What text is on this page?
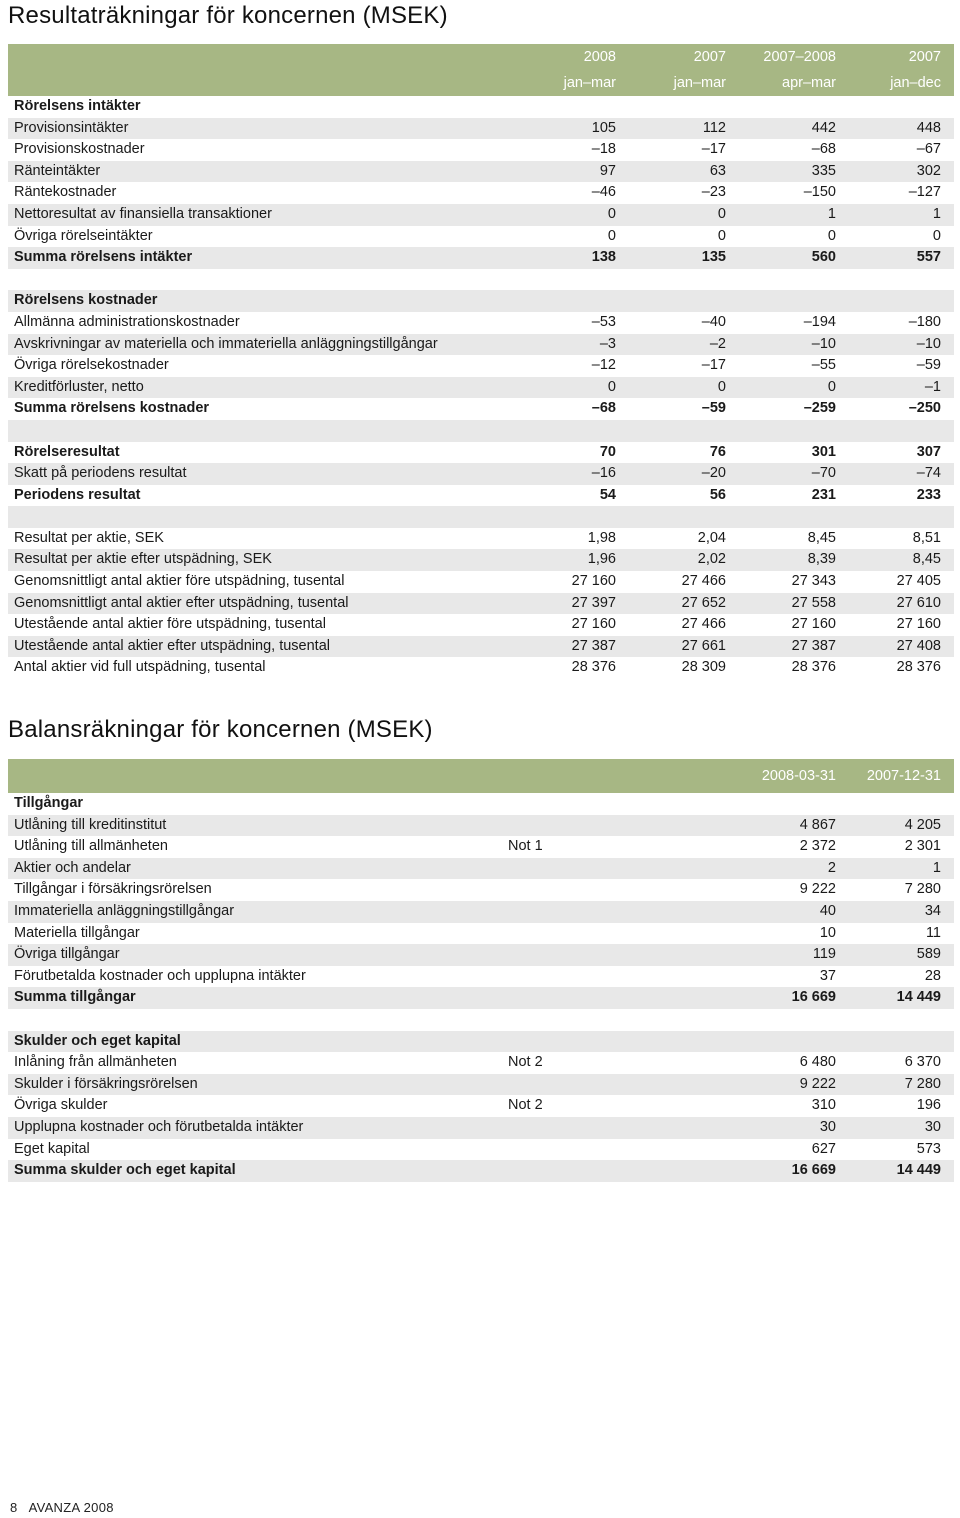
Resultaträkningar för koncernen (MSEK)
	2008	2007	2007–2008	2007
	jan–mar	jan–mar	apr–mar	jan–dec
Rörelsens intäkter				
Provisionsintäkter	105	112	442	448
Provisionskostnader	–18	–17	–68	–67
Ränteintäkter	97	63	335	302
Räntekostnader	–46	–23	–150	–127
Nettoresultat av finansiella transaktioner	0	0	1	1
Övriga rörelseintäkter	0	0	0	0
Summa rörelsens intäkter	138	135	560	557

Rörelsens kostnader				
Allmänna administrationskostnader	–53	–40	–194	–180
Avskrivningar av materiella och immateriella anläggningstillgångar	–3	–2	–10	–10
Övriga rörelsekostnader	–12	–17	–55	–59
Kreditförluster, netto	0	0	0	–1
Summa rörelsens kostnader	–68	–59	–259	–250

Rörelseresultat	70	76	301	307
Skatt på periodens resultat	–16	–20	–70	–74
Periodens resultat	54	56	231	233

Resultat per aktie, SEK	1,98	2,04	8,45	8,51
Resultat per aktie efter utspädning, SEK	1,96	2,02	8,39	8,45
Genomsnittligt antal aktier före utspädning, tusental	27 160	27 466	27 343	27 405
Genomsnittligt antal aktier efter utspädning, tusental	27 397	27 652	27 558	27 610
Utestående antal aktier före utspädning, tusental	27 160	27 466	27 160	27 160
Utestående antal aktier efter utspädning, tusental	27 387	27 661	27 387	27 408
Antal aktier vid full utspädning, tusental	28 376	28 309	28 376	28 376
Balansräkningar för koncernen (MSEK)
		2008-03-31	2007-12-31
Tillgångar			
Utlåning till kreditinstitut		4 867	4 205
Utlåning till allmänheten	Not 1	2 372	2 301
Aktier och andelar		2	1
Tillgångar i försäkringsrörelsen		9 222	7 280
Immateriella anläggningstillgångar		40	34
Materiella tillgångar		10	11
Övriga tillgångar		119	589
Förutbetalda kostnader och upplupna intäkter		37	28
Summa tillgångar		16 669	14 449

Skulder och eget kapital			
Inlåning från allmänheten	Not 2	6 480	6 370
Skulder i försäkringsrörelsen		9 222	7 280
Övriga skulder	Not 2	310	196
Upplupna kostnader och förutbetalda intäkter		30	30
Eget kapital		627	573
Summa skulder och eget kapital		16 669	14 449
8 AVANZA 2008
